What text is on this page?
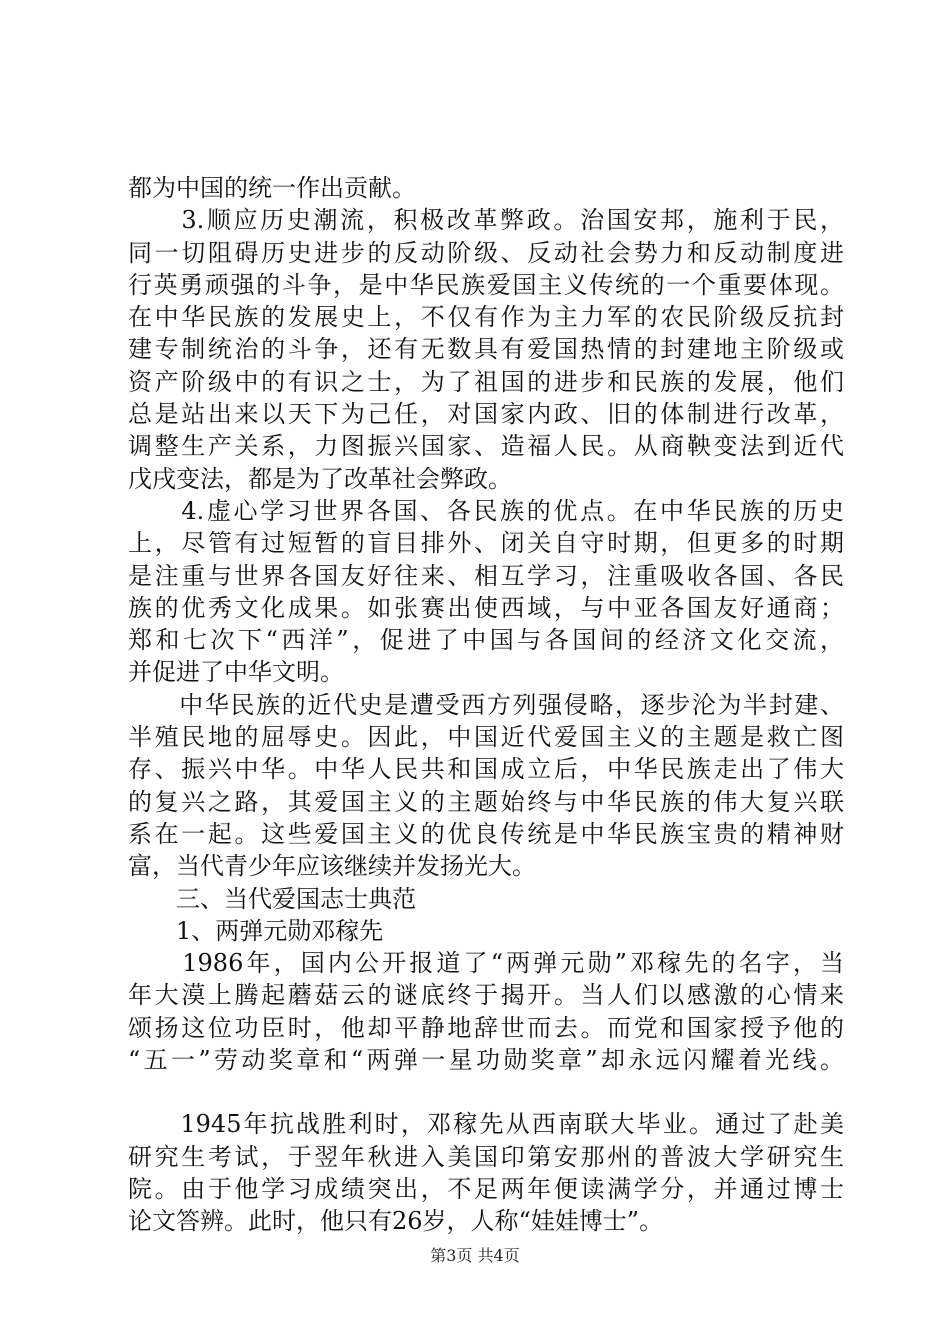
都为中国的统一作出贡献。
　　3.顺应历史潮流，积极改革弊政。治国安邦，施利于民，
同一切阻碍历史进步的反动阶级、反动社会势力和反动制度进
行英勇顽强的斗争，是中华民族爱国主义传统的一个重要体现。
在中华民族的发展史上，不仅有作为主力军的农民阶级反抗封
建专制统治的斗争，还有无数具有爱国热情的封建地主阶级或
资产阶级中的有识之士，为了祖国的进步和民族的发展，他们
总是站出来以天下为己任，对国家内政、旧的体制进行改革，
调整生产关系，力图振兴国家、造福人民。从商鞅变法到近代
戊戌变法，都是为了改革社会弊政。
　　4.虚心学习世界各国、各民族的优点。在中华民族的历史
上，尽管有过短暂的盲目排外、闭关自守时期，但更多的时期
是注重与世界各国友好往来、相互学习，注重吸收各国、各民
族的优秀文化成果。如张赛出使西域，与中亚各国友好通商；
郑和七次下“西洋”，促进了中国与各国间的经济文化交流，
并促进了中华文明。
　　中华民族的近代史是遭受西方列强侵略，逐步沦为半封建、
半殖民地的屈辱史。因此，中国近代爱国主义的主题是救亡图
存、振兴中华。中华人民共和国成立后，中华民族走出了伟大
的复兴之路，其爱国主义的主题始终与中华民族的伟大复兴联
系在一起。这些爱国主义的优良传统是中华民族宝贵的精神财
富，当代青少年应该继续并发扬光大。
　　三、当代爱国志士典范
　　1、两弹元勋邓稼先
　　1986年，国内公开报道了“两弹元勋”邓稼先的名字，当
年大漠上腾起蘑菇云的谜底终于揭开。当人们以感激的心情来
颂扬这位功臣时，他却平静地辞世而去。而党和国家授予他的
“五一”劳动奖章和“两弹一星功勋奖章”却永远闪耀着光线。
　　1945年抗战胜利时，邓稼先从西南联大毕业。通过了赴美
研究生考试，于翌年秋进入美国印第安那州的普波大学研究生
院。由于他学习成绩突出，不足两年便读满学分，并通过博士
论文答辨。此时，他只有26岁，人称“娃娃博士”。
第3页 共4页
